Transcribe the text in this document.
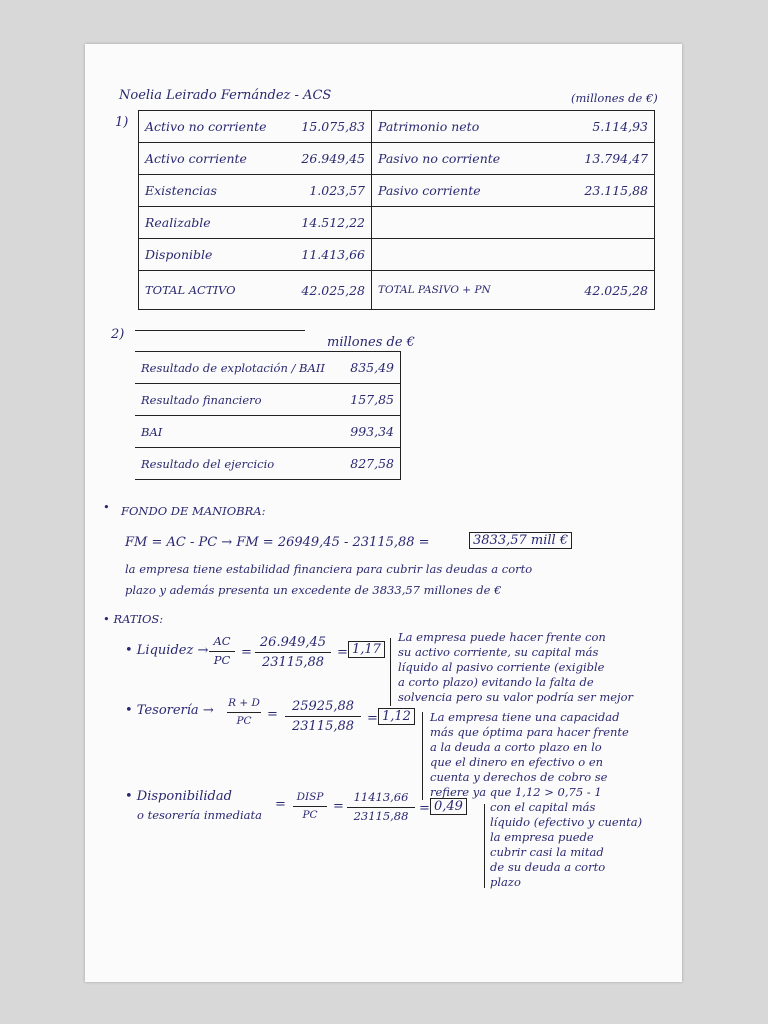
Noelia Leirado Fernández - ACS	(millones de €)
1) Activo no corriente	15.075,83	Patrimonio neto	5.114,93
Activo corriente	26.949,45	Pasivo no corriente	13.794,47
Existencias	1.023,57	Pasivo corriente	23.115,88
Realizable	14.512,22		
Disponible	11.413,66		
TOTAL ACTIVO	42.025,28	TOTAL PASIVO + PN	42.025,28
2)
millones de €
Resultado de explotación / BAII	835,49
Resultado financiero	157,85
BAI	993,34
Resultado del ejercicio	827,58
• FONDO DE MANIOBRA:
FM = AC - PC → FM = 26949,45 - 23115,88 =	3833,57 mill €
la empresa tiene estabilidad financiera para cubrir las deudas a corto
plazo y además presenta un excedente de 3833,57 millones de €
• RATIOS:
• Liquidez →
AC
PC =
26.949,45
23115,88
= 1,17
La empresa puede hacer frente con
su activo corriente, su capital más
líquido al pasivo corriente (exigible
a corto plazo) evitando la falta de
solvencia pero su valor podría ser mejor
• Tesorería → R + D
PC	=
25925,88
23115,88
= 1,12	La empresa tiene una capacidad
más que óptima para hacer frente
a la deuda a corto plazo en lo
que el dinero en efectivo o en
cuenta y derechos de cobro se
refiere ya que 1,12 > 0,75 - 1
• Disponibilidad
o tesorería inmediata
=	DISP
PC
=
11413,66
23115,88 = 0,49	con el capital más
líquido (efectivo y cuenta)
la empresa puede
cubrir casi la mitad
de su deuda a corto
plazo
